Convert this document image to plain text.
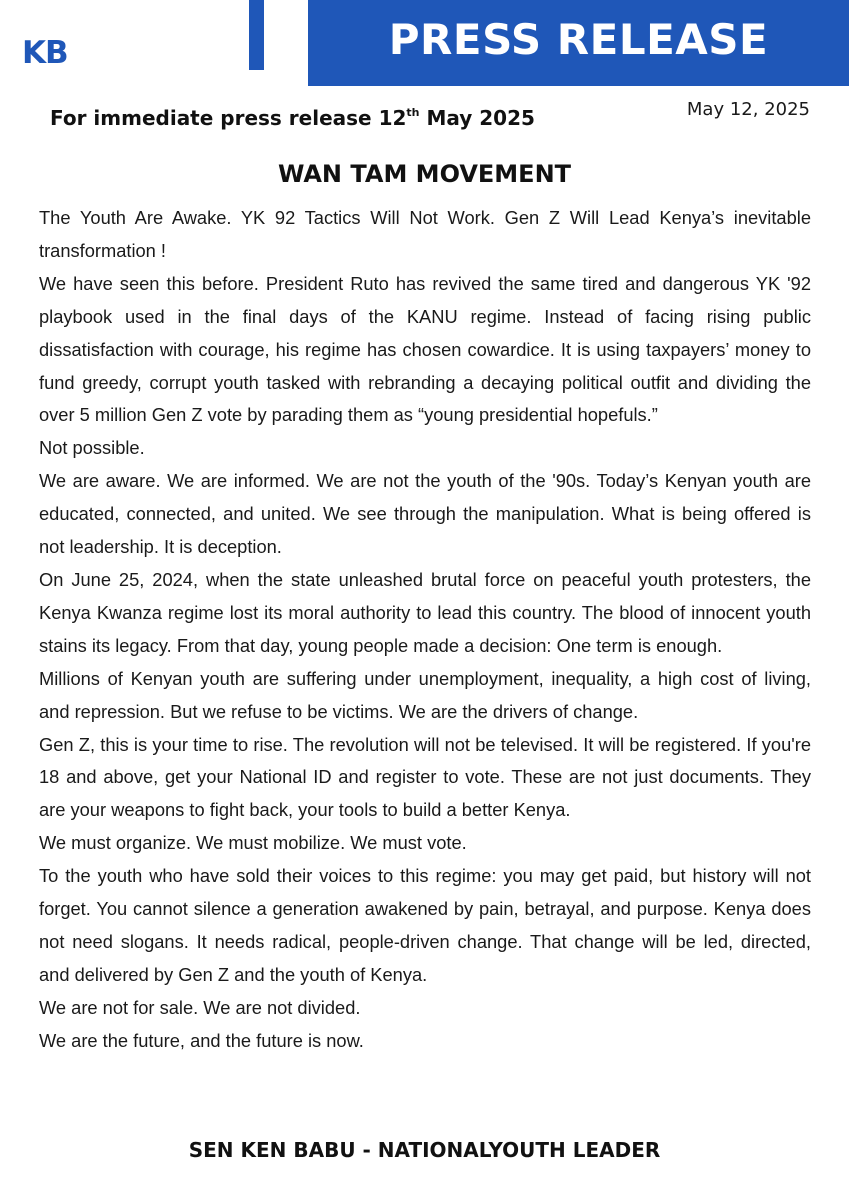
KB	PRESS RELEASE
For immediate press release 12th May 2025	May 12, 2025
WAN TAM MOVEMENT

The Youth Are Awake. YK 92 Tactics Will Not Work. Gen Z Will Lead Kenya’s inevitable transformation !

We have seen this before. President Ruto has revived the same tired and dangerous YK '92 playbook used in the final days of the KANU regime. Instead of facing rising public dissatisfaction with courage, his regime has chosen cowardice. It is using taxpayers’ money to fund greedy, corrupt youth tasked with rebranding a decaying political outfit and dividing the over 5 million Gen Z vote by parading them as “young presidential hopefuls.”

Not possible.

We are aware. We are informed. We are not the youth of the '90s. Today’s Kenyan youth are educated, connected, and united. We see through the manipulation. What is being offered is not leadership. It is deception.

On June 25, 2024, when the state unleashed brutal force on peaceful youth protesters, the Kenya Kwanza regime lost its moral authority to lead this country. The blood of innocent youth stains its legacy. From that day, young people made a decision: One term is enough.

Millions of Kenyan youth are suffering under unemployment, inequality, a high cost of living, and repression. But we refuse to be victims. We are the drivers of change.

Gen Z, this is your time to rise. The revolution will not be televised. It will be registered. If you're 18 and above, get your National ID and register to vote. These are not just documents. They are your weapons to fight back, your tools to build a better Kenya.

We must organize. We must mobilize. We must vote.

To the youth who have sold their voices to this regime: you may get paid, but history will not forget. You cannot silence a generation awakened by pain, betrayal, and purpose. Kenya does not need slogans. It needs radical, people-driven change. That change will be led, directed, and delivered by Gen Z and the youth of Kenya.

We are not for sale. We are not divided.

We are the future, and the future is now.

SEN KEN BABU - NATIONALYOUTH LEADER
